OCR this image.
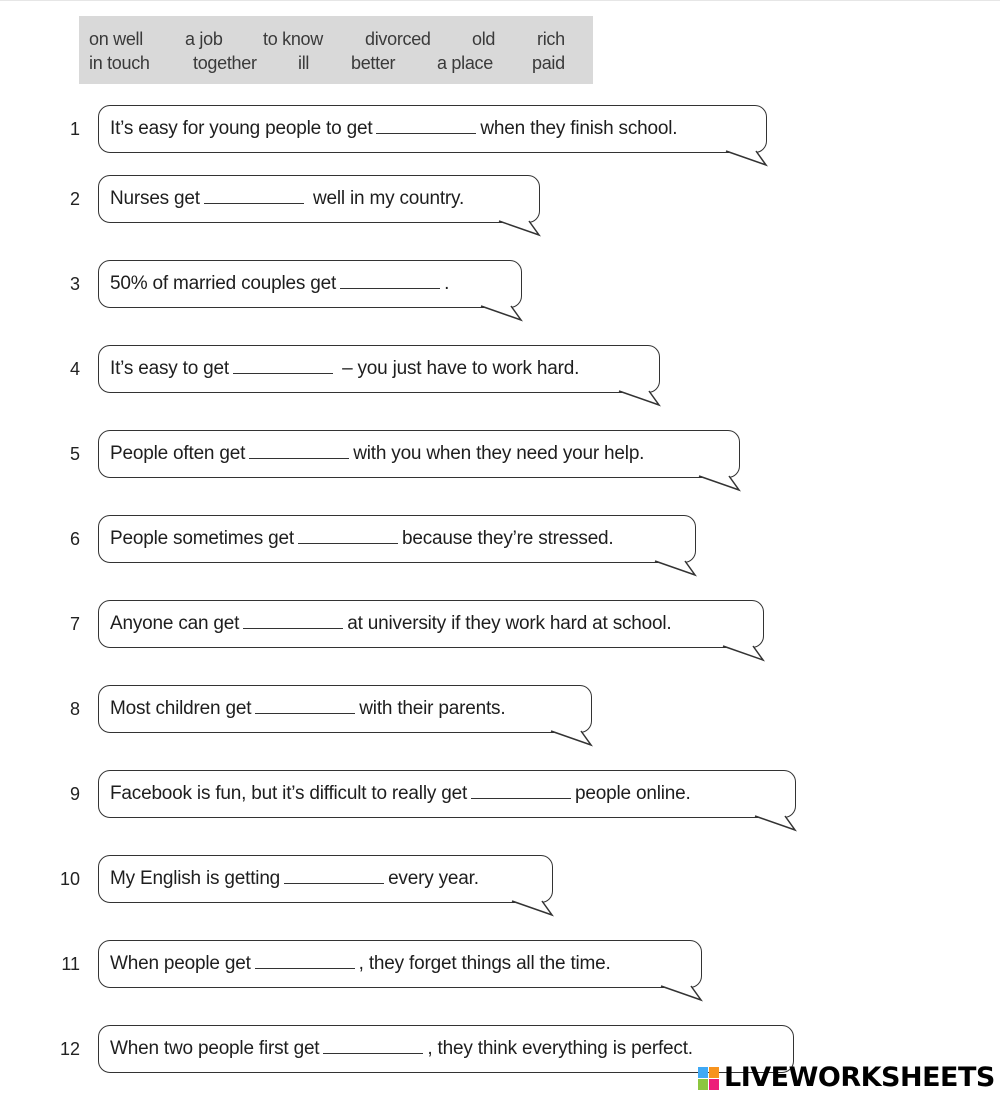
on well a job to know divorced old rich
in touch together ill better a place paid
1 It’s easy for young people to get	when they finish school.
2 Nurses get	well in my country.
3 50% of married couples get	.
4 It’s easy to get	– you just have to work hard.
5 People often get	with you when they need your help.
6 People sometimes get	because they’re stressed.
7 Anyone can get	at university if they work hard at school.
8 Most children get	with their parents.
9 Facebook is fun, but it’s difficult to really get	people online.
10 My English is getting	every year.
11 When people get	, they forget things all the time.
12 When two people first get	, they think everything is perfect.
LIVEWORKSHEETS
